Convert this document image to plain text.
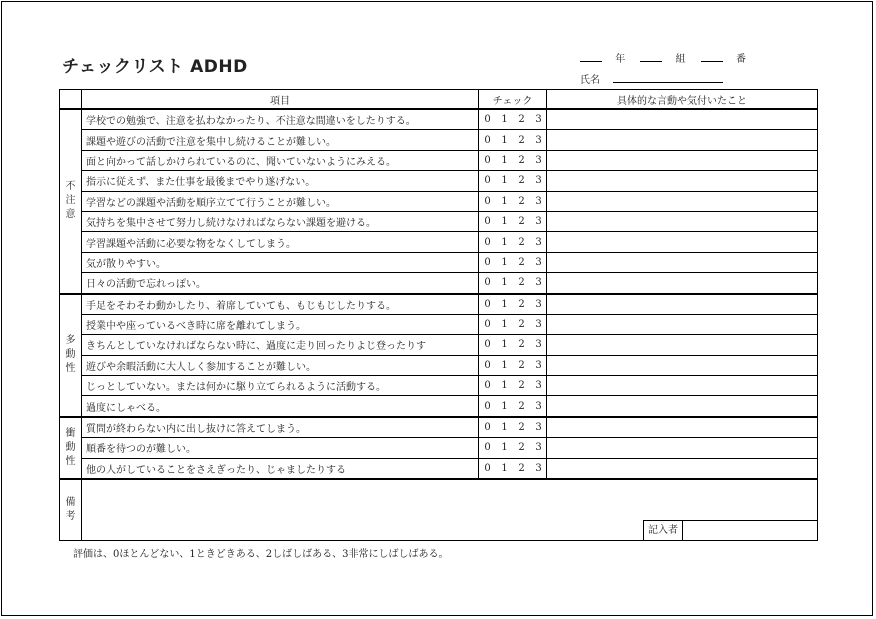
チェックリスト ADHD	年	組	番
氏名
	項目	チェック	具体的な言動や気付いたこと
不注意	学校での勉強で、注意を払わなかったり、不注意な間違いをしたりする。	0 1 2 3	
	課題や遊びの活動で注意を集中し続けることが難しい。	0 1 2 3	
	面と向かって話しかけられているのに、聞いていないようにみえる。	0 1 2 3	
	指示に従えず、また仕事を最後までやり遂げない。	0 1 2 3	
	学習などの課題や活動を順序立てて行うことが難しい。	0 1 2 3	
	気持ちを集中させて努力し続けなければならない課題を避ける。	0 1 2 3	
	学習課題や活動に必要な物をなくしてしまう。	0 1 2 3	
	気が散りやすい。	0 1 2 3	
	日々の活動で忘れっぽい。	0 1 2 3	
多動性	手足をそわそわ動かしたり、着席していても、もじもじしたりする。	0 1 2 3	
	授業中や座っているべき時に席を離れてしまう。	0 1 2 3	
	きちんとしていなければならない時に、過度に走り回ったりよじ登ったりす	0 1 2 3	
	遊びや余暇活動に大人しく参加することが難しい。	0 1 2 3	
	じっとしていない。または何かに駆り立てられるように活動する。	0 1 2 3	
	過度にしゃべる。	0 1 2 3	
衝動性	質問が終わらない内に出し抜けに答えてしまう。	0 1 2 3	
	順番を待つのが難しい。	0 1 2 3	
	他の人がしていることをさえぎったり、じゃましたりする	0 1 2 3	
備考	記入者		
評価は、0ほとんどない、1ときどきある、2しばしばある、3非常にしばしばある。
